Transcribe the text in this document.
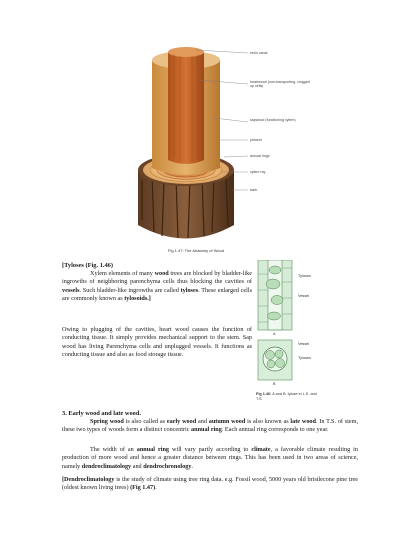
resin canal
heartwood (non-transporting, clogged up cells)
sapwood (functioning xylem)
phloem
annual rings
xylem ray
bark
Fig 1.47: The Anatomy of Wood
[Tyloses (Fig. 1.46)
Xylem elements of many wood trees are blocked by bladder-like ingrowths of neighboring parenchyma cells thus blocking the cavities of vessels. Such bladder-like ingrowths are called tyloses. These enlarged cells are commonly known as tylosoids.]
Owing to plugging of the cavities, heart wood causes the function of conducting tissue. It simply provides mechanical support to the stem. Sap wood has living Parenchyma cells and unplugged vessels. It functions as conducting tissue and also as food storage tissue.
Tyloses
Vessel
A
Vessel
Tyloses
B
Fig 1.46: A and B. tylose in L.S. and T.S.
3. Early wood and late wood.
Spring wood is also called as early wood and autumn wood is also known as late wood. In T.S. of stem, these two types of woods form a distinct concentric annual ring. Each annual ring corresponds to one year.
The width of an annual ring will vary partly according to climate, a favorable climate resulting in production of more wood and hence a greater distance between rings. This has been used in two areas of science, namely dendroclimatology and dendrochronology.
[Dendroclimatology is the study of climate using tree ring data. e.g. Fossil wood, 5000 years old bristlecone pine tree (oldest known living trees) (Fig 1.47).
